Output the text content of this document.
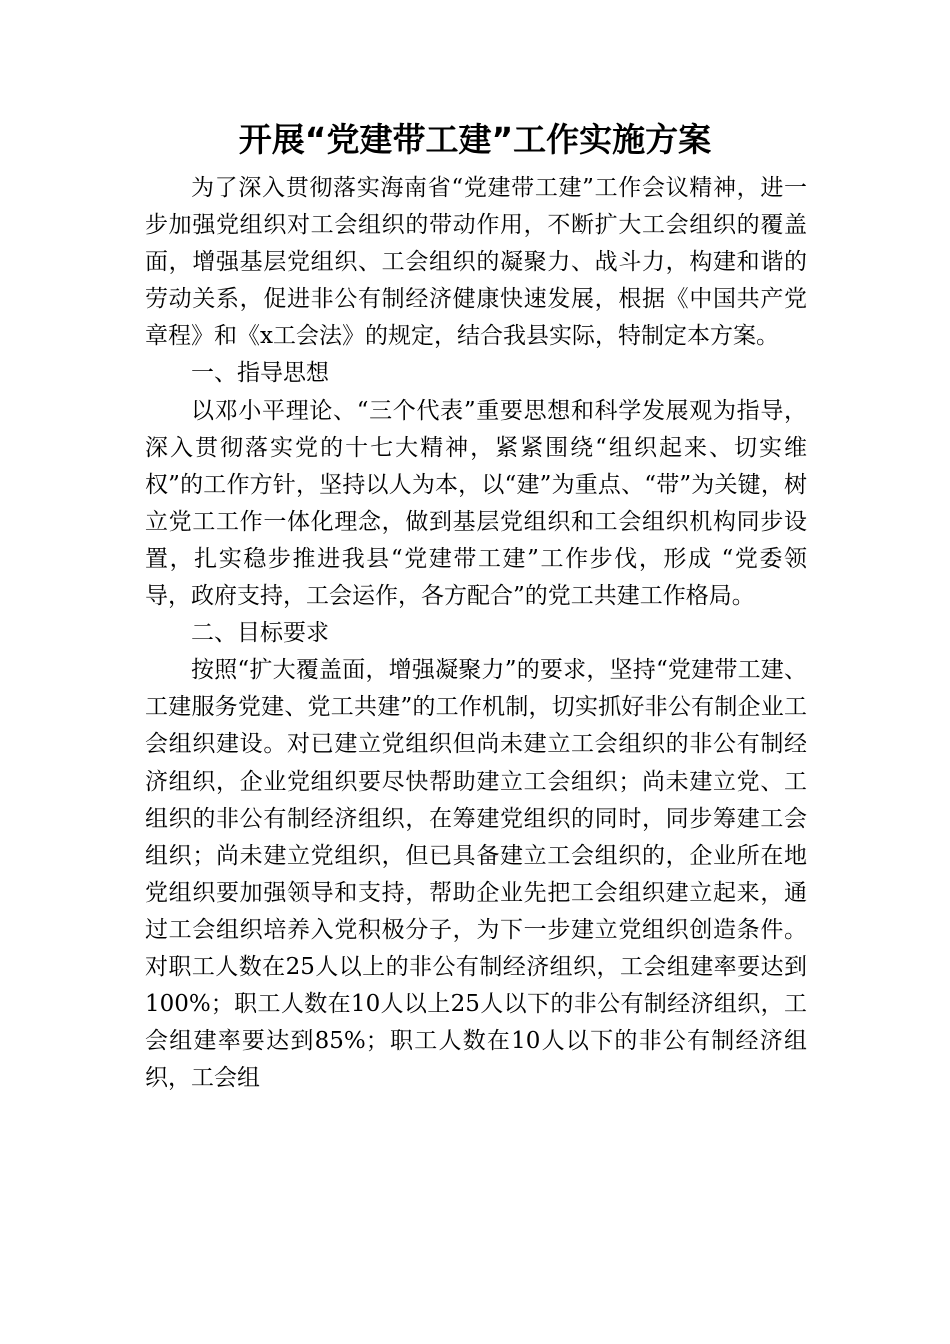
开展“党建带工建”工作实施方案

为了深入贯彻落实海南省“党建带工建”工作会议精神，进一步加强党组织对工会组织的带动作用，不断扩大工会组织的覆盖面，增强基层党组织、工会组织的凝聚力、战斗力，构建和谐的劳动关系，促进非公有制经济健康快速发展，根据《中国共产党章程》和《x工会法》的规定，结合我县实际，特制定本方案。

一、指导思想

以邓小平理论、“三个代表”重要思想和科学发展观为指导，深入贯彻落实党的十七大精神，紧紧围绕“组织起来、切实维权”的工作方针，坚持以人为本，以“建”为重点、“带”为关键，树立党工工作一体化理念，做到基层党组织和工会组织机构同步设置，扎实稳步推进我县“党建带工建”工作步伐，形成 “党委领导，政府支持，工会运作，各方配合”的党工共建工作格局。

二、目标要求

按照“扩大覆盖面，增强凝聚力”的要求，坚持“党建带工建、工建服务党建、党工共建”的工作机制，切实抓好非公有制企业工会组织建设。对已建立党组织但尚未建立工会组织的非公有制经济组织，企业党组织要尽快帮助建立工会组织；尚未建立党、工组织的非公有制经济组织，在筹建党组织的同时，同步筹建工会组织；尚未建立党组织，但已具备建立工会组织的，企业所在地党组织要加强领导和支持，帮助企业先把工会组织建立起来，通过工会组织培养入党积极分子，为下一步建立党组织创造条件。对职工人数在25人以上的非公有制经济组织，工会组建率要达到100%；职工人数在10人以上25人以下的非公有制经济组织，工会组建率要达到85%；职工人数在10人以下的非公有制经济组织，工会组
